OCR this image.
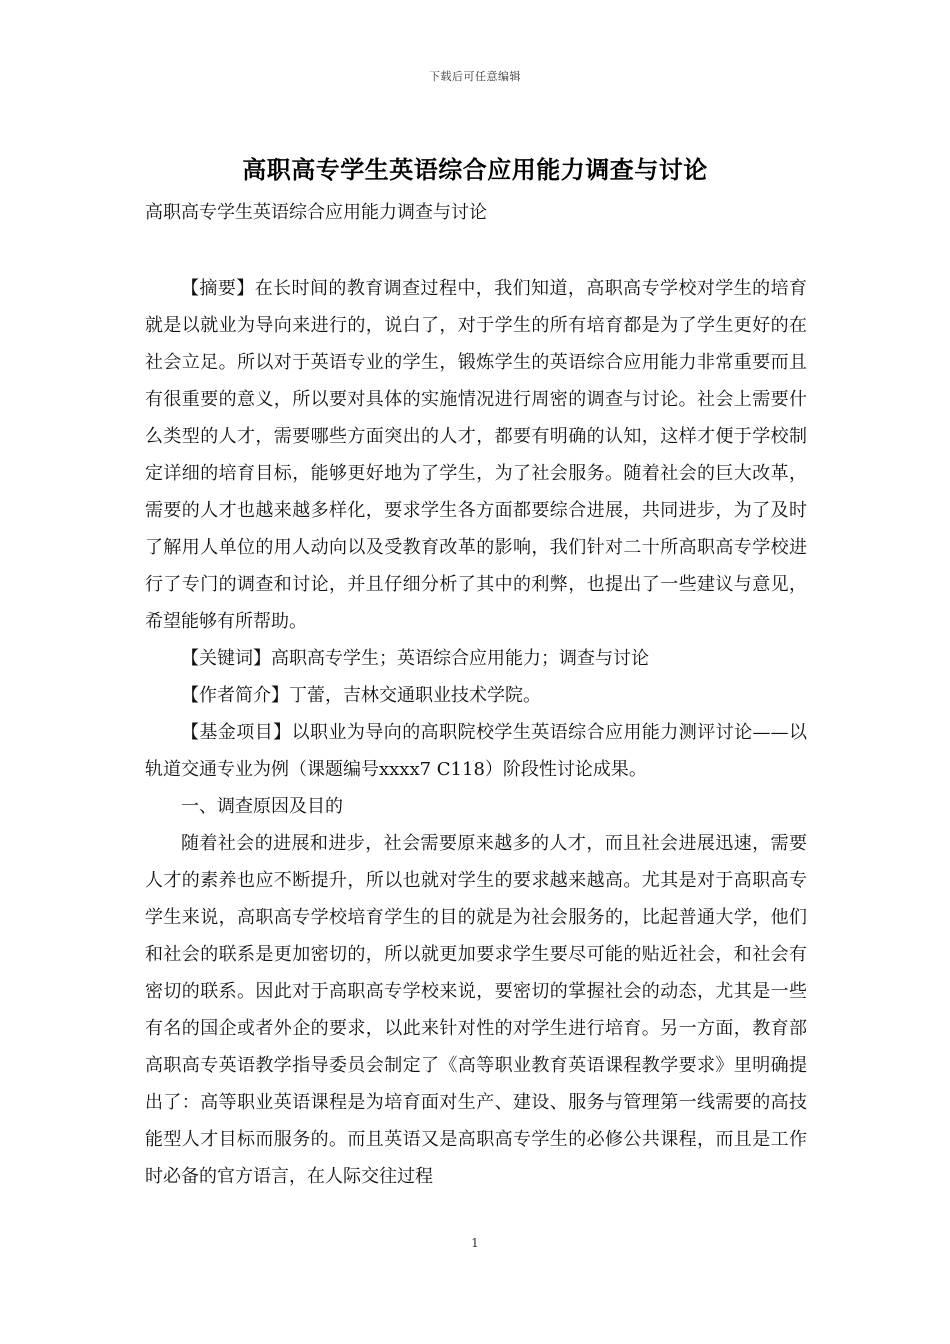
下载后可任意编辑
高职高专学生英语综合应用能力调查与讨论
高职高专学生英语综合应用能力调查与讨论

【摘要】在长时间的教育调查过程中，我们知道，高职高专学校对学生的培育就是以就业为导向来进行的，说白了，对于学生的所有培育都是为了学生更好的在社会立足。所以对于英语专业的学生，锻炼学生的英语综合应用能力非常重要而且有很重要的意义，所以要对具体的实施情况进行周密的调查与讨论。社会上需要什么类型的人才，需要哪些方面突出的人才，都要有明确的认知，这样才便于学校制定详细的培育目标，能够更好地为了学生，为了社会服务。随着社会的巨大改革，需要的人才也越来越多样化，要求学生各方面都要综合进展，共同进步，为了及时了解用人单位的用人动向以及受教育改革的影响，我们针对二十所高职高专学校进行了专门的调查和讨论，并且仔细分析了其中的利弊，也提出了一些建议与意见，希望能够有所帮助。

【关键词】高职高专学生；英语综合应用能力；调查与讨论

【作者简介】丁蕾，吉林交通职业技术学院。

【基金项目】以职业为导向的高职院校学生英语综合应用能力测评讨论——以轨道交通专业为例（课题编号xxxx7 C118）阶段性讨论成果。

一、调查原因及目的

随着社会的进展和进步，社会需要原来越多的人才，而且社会进展迅速，需要人才的素养也应不断提升，所以也就对学生的要求越来越高。尤其是对于高职高专学生来说，高职高专学校培育学生的目的就是为社会服务的，比起普通大学，他们和社会的联系是更加密切的，所以就更加要求学生要尽可能的贴近社会，和社会有密切的联系。因此对于高职高专学校来说，要密切的掌握社会的动态，尤其是一些有名的国企或者外企的要求，以此来针对性的对学生进行培育。另一方面，教育部高职高专英语教学指导委员会制定了《高等职业教育英语课程教学要求》里明确提出了：高等职业英语课程是为培育面对生产、建设、服务与管理第一线需要的高技能型人才目标而服务的。而且英语又是高职高专学生的必修公共课程，而且是工作时必备的官方语言，在人际交往过程

1
